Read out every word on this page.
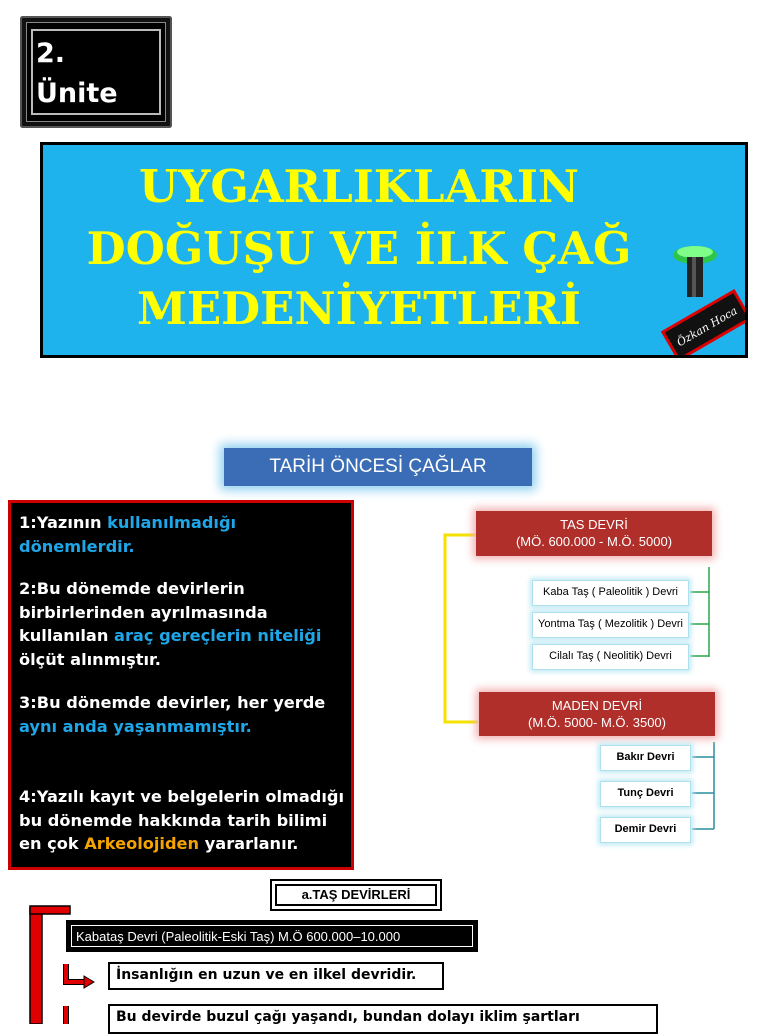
2.
Ünite
UYGARLIKLARIN
DOĞUŞU VE İLK ÇAĞ
MEDENİYETLERİ	Özkan Hoca
TARİH ÖNCESİ ÇAĞLAR
1:Yazının kullanılmadığı dönemlerdir.
2:Bu dönemde devirlerin birbirlerinden ayrılmasında kullanılan araç gereçlerin niteliği ölçüt alınmıştır.
3:Bu dönemde devirler, her yerde aynı anda yaşanmamıştır.
4:Yazılı kayıt ve belgelerin olmadığı bu dönemde hakkında tarih bilimi en çok Arkeolojiden yararlanır.
TAS DEVRİ
(MÖ. 600.000 - M.Ö. 5000)
Kaba Taş ( Paleolitik ) Devri
Yontma Taş ( Mezolitik ) Devri
Cilalı Taş ( Neolitik) Devri
MADEN DEVRİ
(M.Ö. 5000- M.Ö. 3500)
Bakır Devri
Tunç Devri
Demir Devri
a.TAŞ DEVİRLERİ
Kabataş Devri (Paleolitik-Eski Taş) M.Ö 600.000–10.000
İnsanlığın en uzun ve en ilkel devridir.
Bu devirde buzul çağı yaşandı, bundan dolayı iklim şartları
